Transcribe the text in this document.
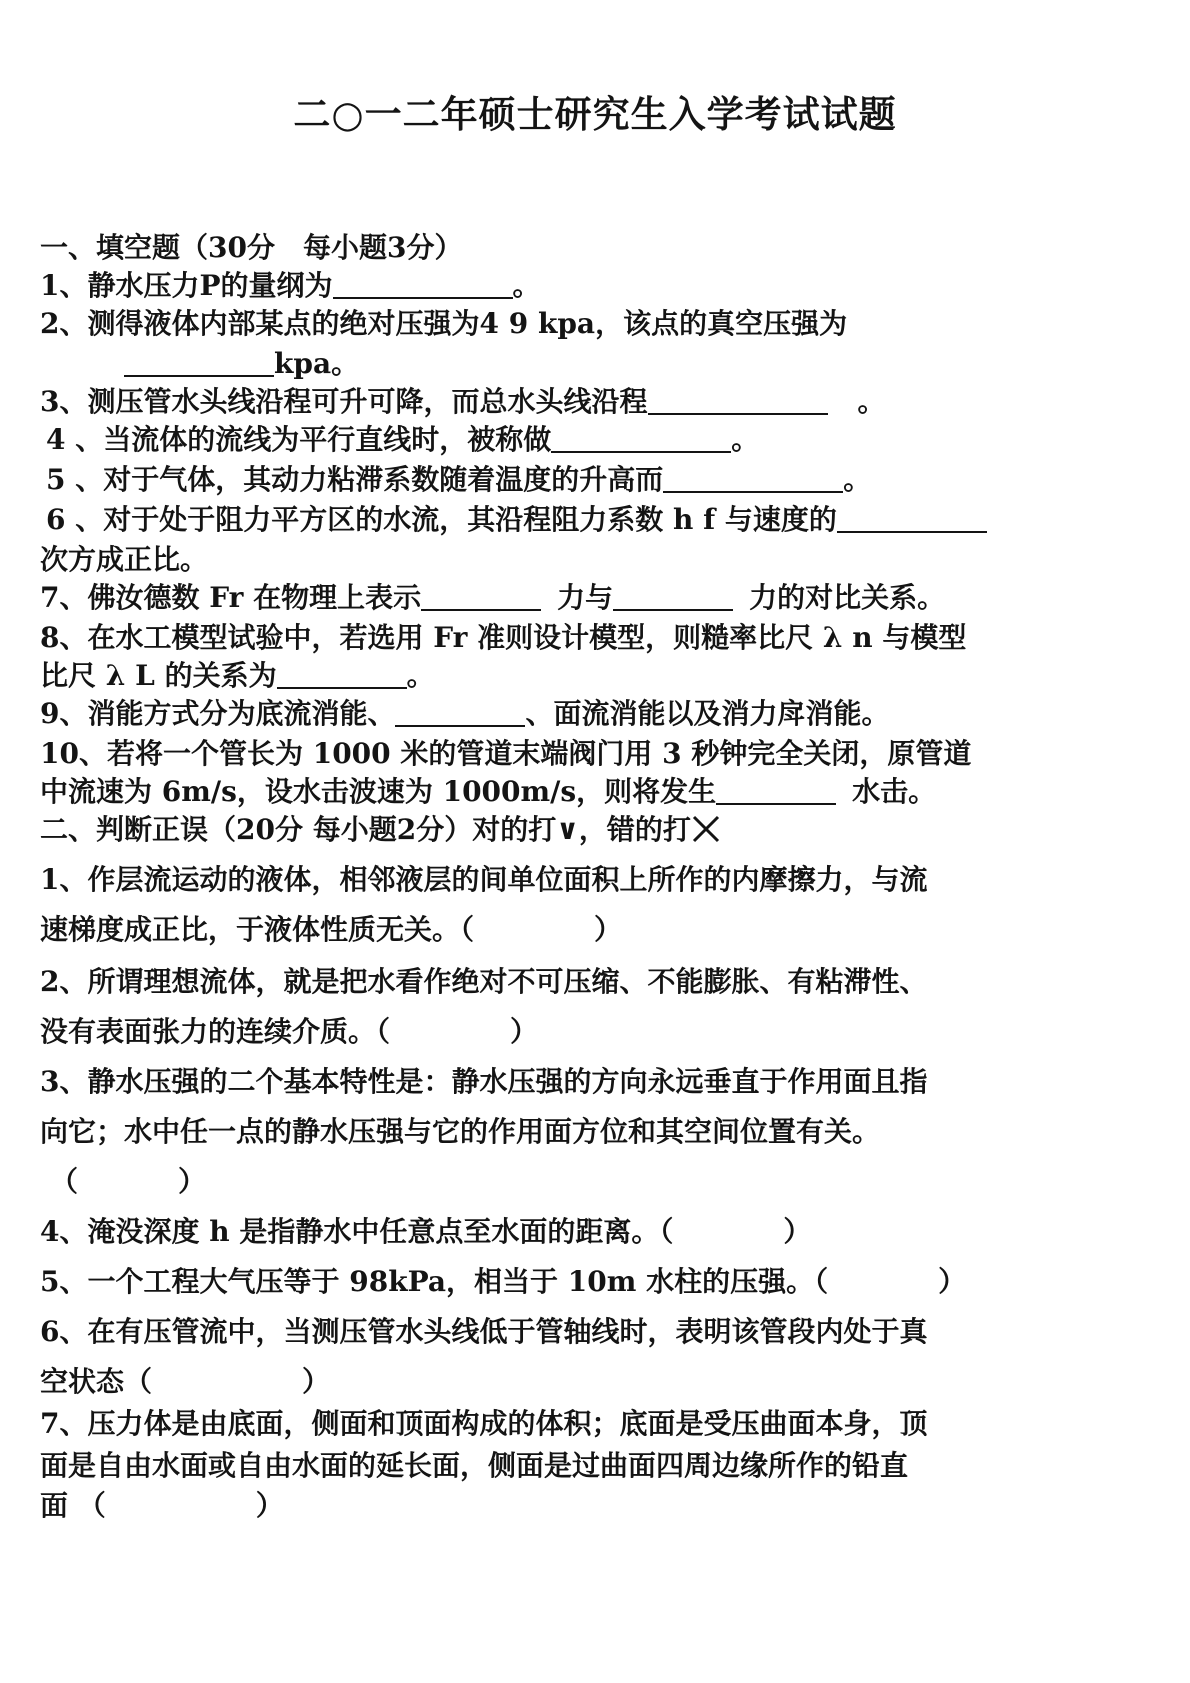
二○一二年硕士研究生入学考试试题
一、填空题（30分　每小题3分）
1、静水压力P的量纲为	。
2、测得液体内部某点的绝对压强为4 9 kpa，该点的真空压强为
kpa。
3、测压管水头线沿程可升可降，而总水头线沿程	。
4 、当流体的流线为平行直线时，被称做	。
5 、对于气体，其动力粘滞系数随着温度的升高而	。
6 、对于处于阻力平方区的水流，其沿程阻力系数 h f 与速度的
次方成正比。
7、佛汝德数 Fr 在物理上表示	力与	力的对比关系。
8、在水工模型试验中，若选用 Fr 准则设计模型，则糙率比尺 λ n 与模型
比尺 λ L 的关系为	。
9、消能方式分为底流消能、	、面流消能以及消力戽消能。
10、若将一个管长为 1000 米的管道末端阀门用 3 秒钟完全关闭，原管道
中流速为 6m/s，设水击波速为 1000m/s，则将发生	水击。
二、判断正误（20分 每小题2分）对的打∨，错的打
1、作层流运动的液体，相邻液层的间单位面积上所作的内摩擦力，与流
速梯度成正比，于液体性质无关。（	）
2、所谓理想流体，就是把水看作绝对不可压缩、不能膨胀、有粘滞性、
没有表面张力的连续介质。（	）
3、静水压强的二个基本特性是：静水压强的方向永远垂直于作用面且指
向它；水中任一点的静水压强与它的作用面方位和其空间位置有关。
（	）
4、淹没深度 h 是指静水中任意点至水面的距离。（	）
5、一个工程大气压等于 98kPa，相当于 10m 水柱的压强。（	）
6、在有压管流中，当测压管水头线低于管轴线时，表明该管段内处于真
空状态（	）
7、压力体是由底面，侧面和顶面构成的体积；底面是受压曲面本身，顶
面是自由水面或自由水面的延长面，侧面是过曲面四周边缘所作的铅直
面 （	）
